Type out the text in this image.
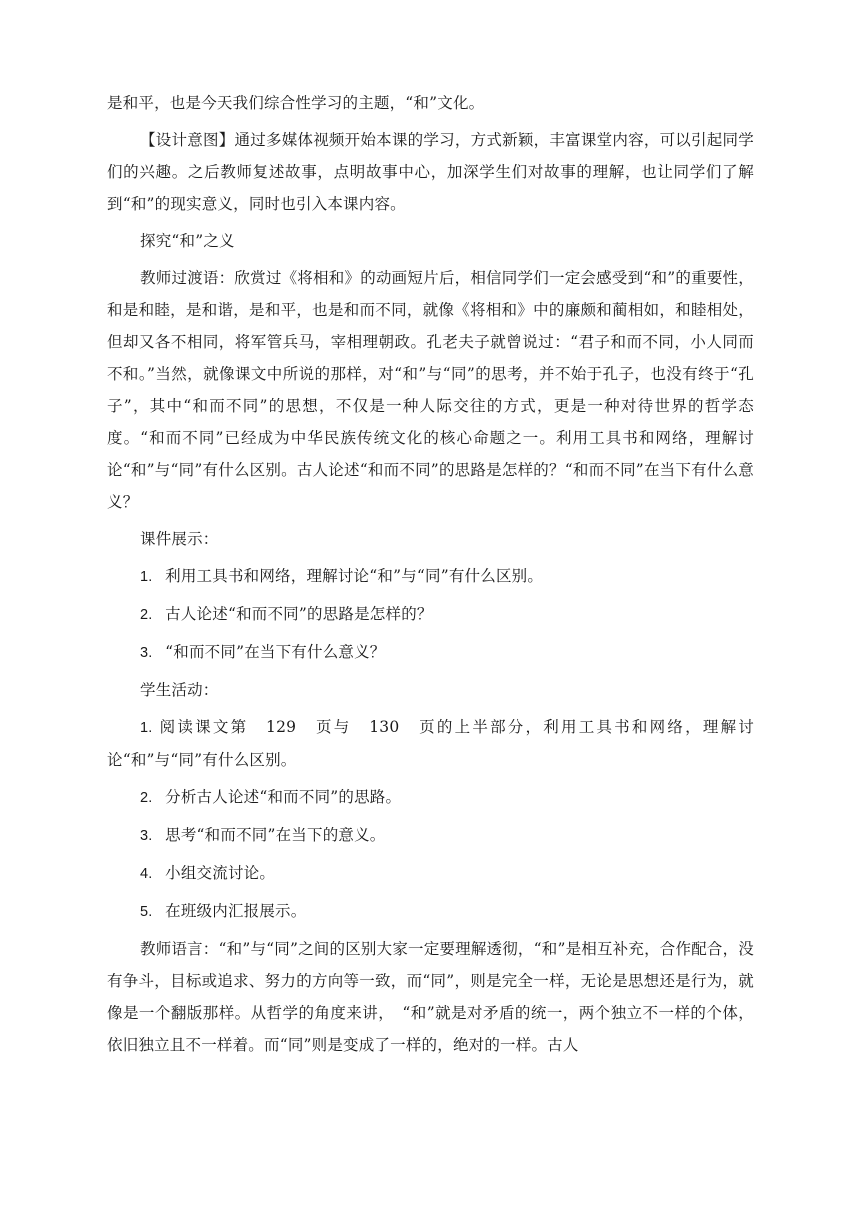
是和平，也是今天我们综合性学习的主题，“和”文化。

【设计意图】通过多媒体视频开始本课的学习，方式新颖，丰富课堂内容，可以引起同学们的兴趣。之后教师复述故事，点明故事中心，加深学生们对故事的理解，也让同学们了解到“和”的现实意义，同时也引入本课内容。

探究“和”之义

教师过渡语：欣赏过《将相和》的动画短片后，相信同学们一定会感受到“和”的重要性，和是和睦，是和谐，是和平，也是和而不同，就像《将相和》中的廉颇和蔺相如，和睦相处，但却又各不相同，将军管兵马，宰相理朝政。孔老夫子就曾说过：“君子和而不同，小人同而不和。”当然，就像课文中所说的那样，对“和”与“同”的思考，并不始于孔子，也没有终于“孔子”，其中“和而不同”的思想，不仅是一种人际交往的方式，更是一种对待世界的哲学态度。“和而不同”已经成为中华民族传统文化的核心命题之一。利用工具书和网络，理解讨论“和”与“同”有什么区别。古人论述“和而不同”的思路是怎样的？“和而不同”在当下有什么意义？

课件展示：

1. 利用工具书和网络，理解讨论“和”与“同”有什么区别。

2. 古人论述“和而不同”的思路是怎样的？

3. “和而不同”在当下有什么意义？

学生活动：

1. 阅读课文第　129　页与　130　页的上半部分，利用工具书和网络，理解讨论“和”与“同”有什么区别。

2. 分析古人论述“和而不同”的思路。

3. 思考“和而不同”在当下的意义。

4. 小组交流讨论。

5. 在班级内汇报展示。

教师语言：“和”与“同”之间的区别大家一定要理解透彻，“和”是相互补充，合作配合，没有争斗，目标或追求、努力的方向等一致，而“同”，则是完全一样，无论是思想还是行为，就像是一个翻版那样。从哲学的角度来讲，　“和”就是对矛盾的统一，两个独立不一样的个体，依旧独立且不一样着。而“同”则是变成了一样的，绝对的一样。古人
